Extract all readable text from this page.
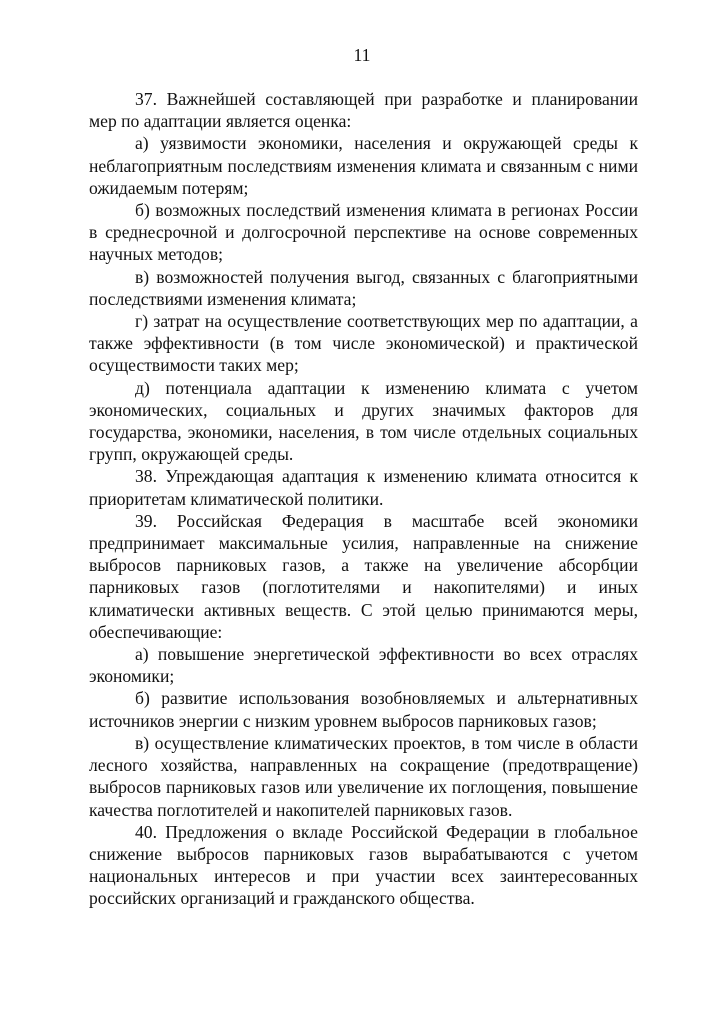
11

37. Важнейшей составляющей при разработке и планировании мер по адаптации является оценка:

а) уязвимости экономики, населения и окружающей среды к неблагоприятным последствиям изменения климата и связанным с ними ожидаемым потерям;

б) возможных последствий изменения климата в регионах России в среднесрочной и долгосрочной перспективе на основе современных научных методов;

в) возможностей получения выгод, связанных с благоприятными последствиями изменения климата;

г) затрат на осуществление соответствующих мер по адаптации, а также эффективности (в том числе экономической) и практической осуществимости таких мер;

д) потенциала адаптации к изменению климата с учетом экономических, социальных и других значимых факторов для государства, экономики, населения, в том числе отдельных социальных групп, окружающей среды.

38. Упреждающая адаптация к изменению климата относится к приоритетам климатической политики.

39. Российская Федерация в масштабе всей экономики предпринимает максимальные усилия, направленные на снижение выбросов парниковых газов, а также на увеличение абсорбции парниковых газов (поглотителями и накопителями) и иных климатически активных веществ. С этой целью принимаются меры, обеспечивающие:

а) повышение энергетической эффективности во всех отраслях экономики;

б) развитие использования возобновляемых и альтернативных источников энергии с низким уровнем выбросов парниковых газов;

в) осуществление климатических проектов, в том числе в области лесного хозяйства, направленных на сокращение (предотвращение) выбросов парниковых газов или увеличение их поглощения, повышение качества поглотителей и накопителей парниковых газов.

40. Предложения о вкладе Российской Федерации в глобальное снижение выбросов парниковых газов вырабатываются с учетом национальных интересов и при участии всех заинтересованных российских организаций и гражданского общества.
